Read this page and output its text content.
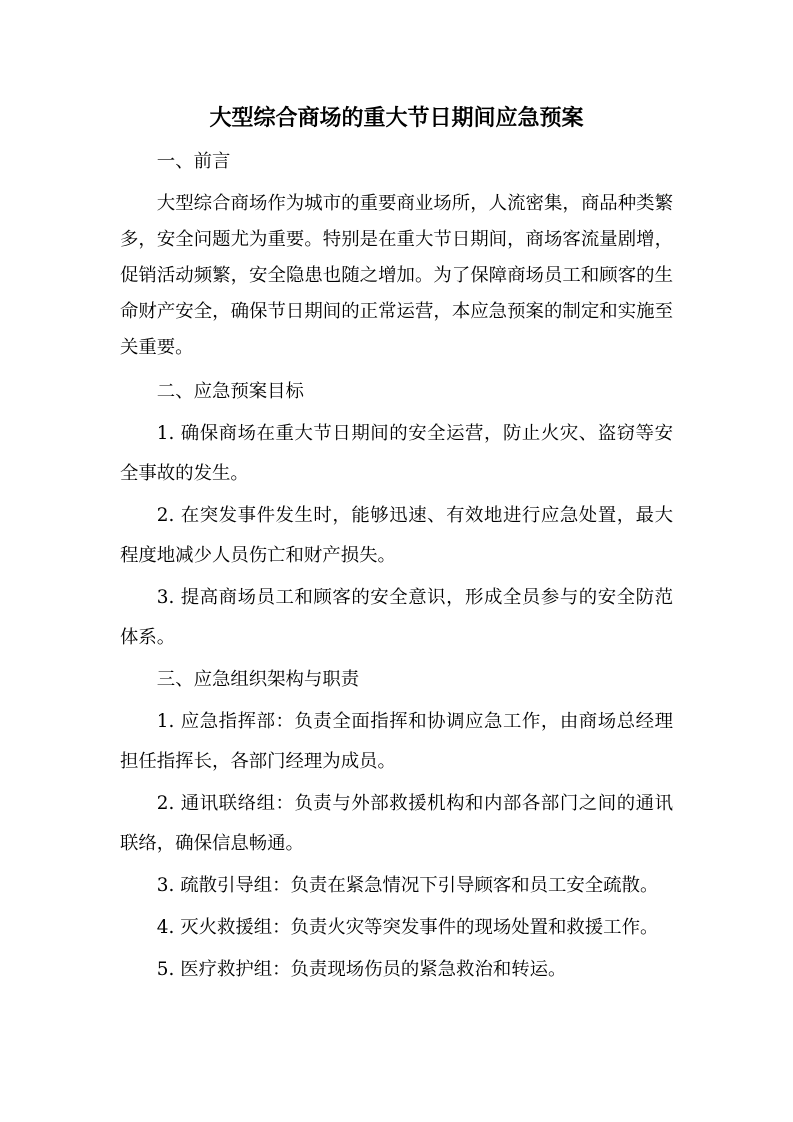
大型综合商场的重大节日期间应急预案

一、前言

大型综合商场作为城市的重要商业场所，人流密集，商品种类繁多，安全问题尤为重要。特别是在重大节日期间，商场客流量剧增，促销活动频繁，安全隐患也随之增加。为了保障商场员工和顾客的生命财产安全，确保节日期间的正常运营，本应急预案的制定和实施至关重要。

二、应急预案目标

1. 确保商场在重大节日期间的安全运营，防止火灾、盗窃等安全事故的发生。

2. 在突发事件发生时，能够迅速、有效地进行应急处置，最大程度地减少人员伤亡和财产损失。

3. 提高商场员工和顾客的安全意识，形成全员参与的安全防范体系。

三、应急组织架构与职责

1. 应急指挥部：负责全面指挥和协调应急工作，由商场总经理担任指挥长，各部门经理为成员。

2. 通讯联络组：负责与外部救援机构和内部各部门之间的通讯联络，确保信息畅通。

3. 疏散引导组：负责在紧急情况下引导顾客和员工安全疏散。

4. 灭火救援组：负责火灾等突发事件的现场处置和救援工作。

5. 医疗救护组：负责现场伤员的紧急救治和转运。
